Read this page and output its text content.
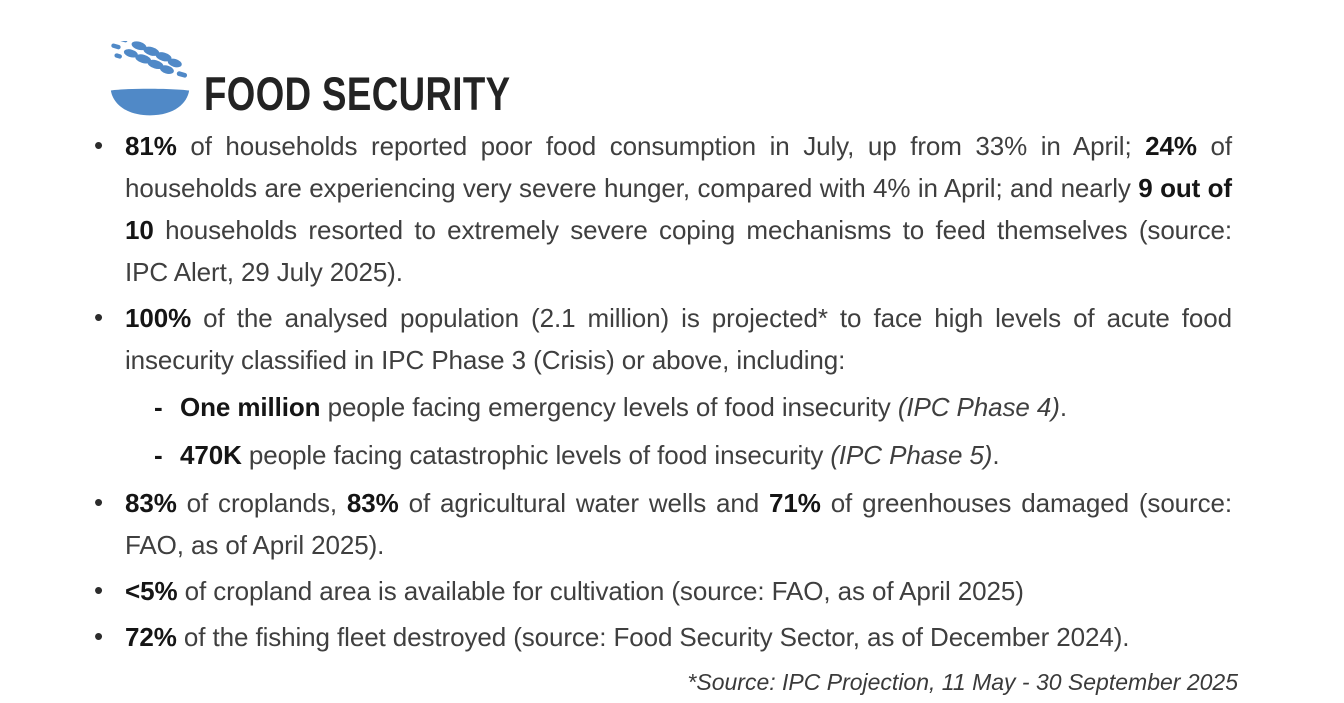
FOOD SECURITY
• 81% of households reported poor food consumption in July, up from 33% in April; 24% of households are experiencing very severe hunger, compared with 4% in April; and nearly 9 out of 10 households resorted to extremely severe coping mechanisms to feed themselves (source: IPC Alert, 29 July 2025).
• 100% of the analysed population (2.1 million) is projected* to face high levels of acute food insecurity classified in IPC Phase 3 (Crisis) or above, including:
- One million people facing emergency levels of food insecurity (IPC Phase 4).
- 470K people facing catastrophic levels of food insecurity (IPC Phase 5).
• 83% of croplands, 83% of agricultural water wells and 71% of greenhouses damaged (source: FAO, as of April 2025).
• <5% of cropland area is available for cultivation (source: FAO, as of April 2025)
• 72% of the fishing fleet destroyed (source: Food Security Sector, as of December 2024).
*Source: IPC Projection, 11 May - 30 September 2025
